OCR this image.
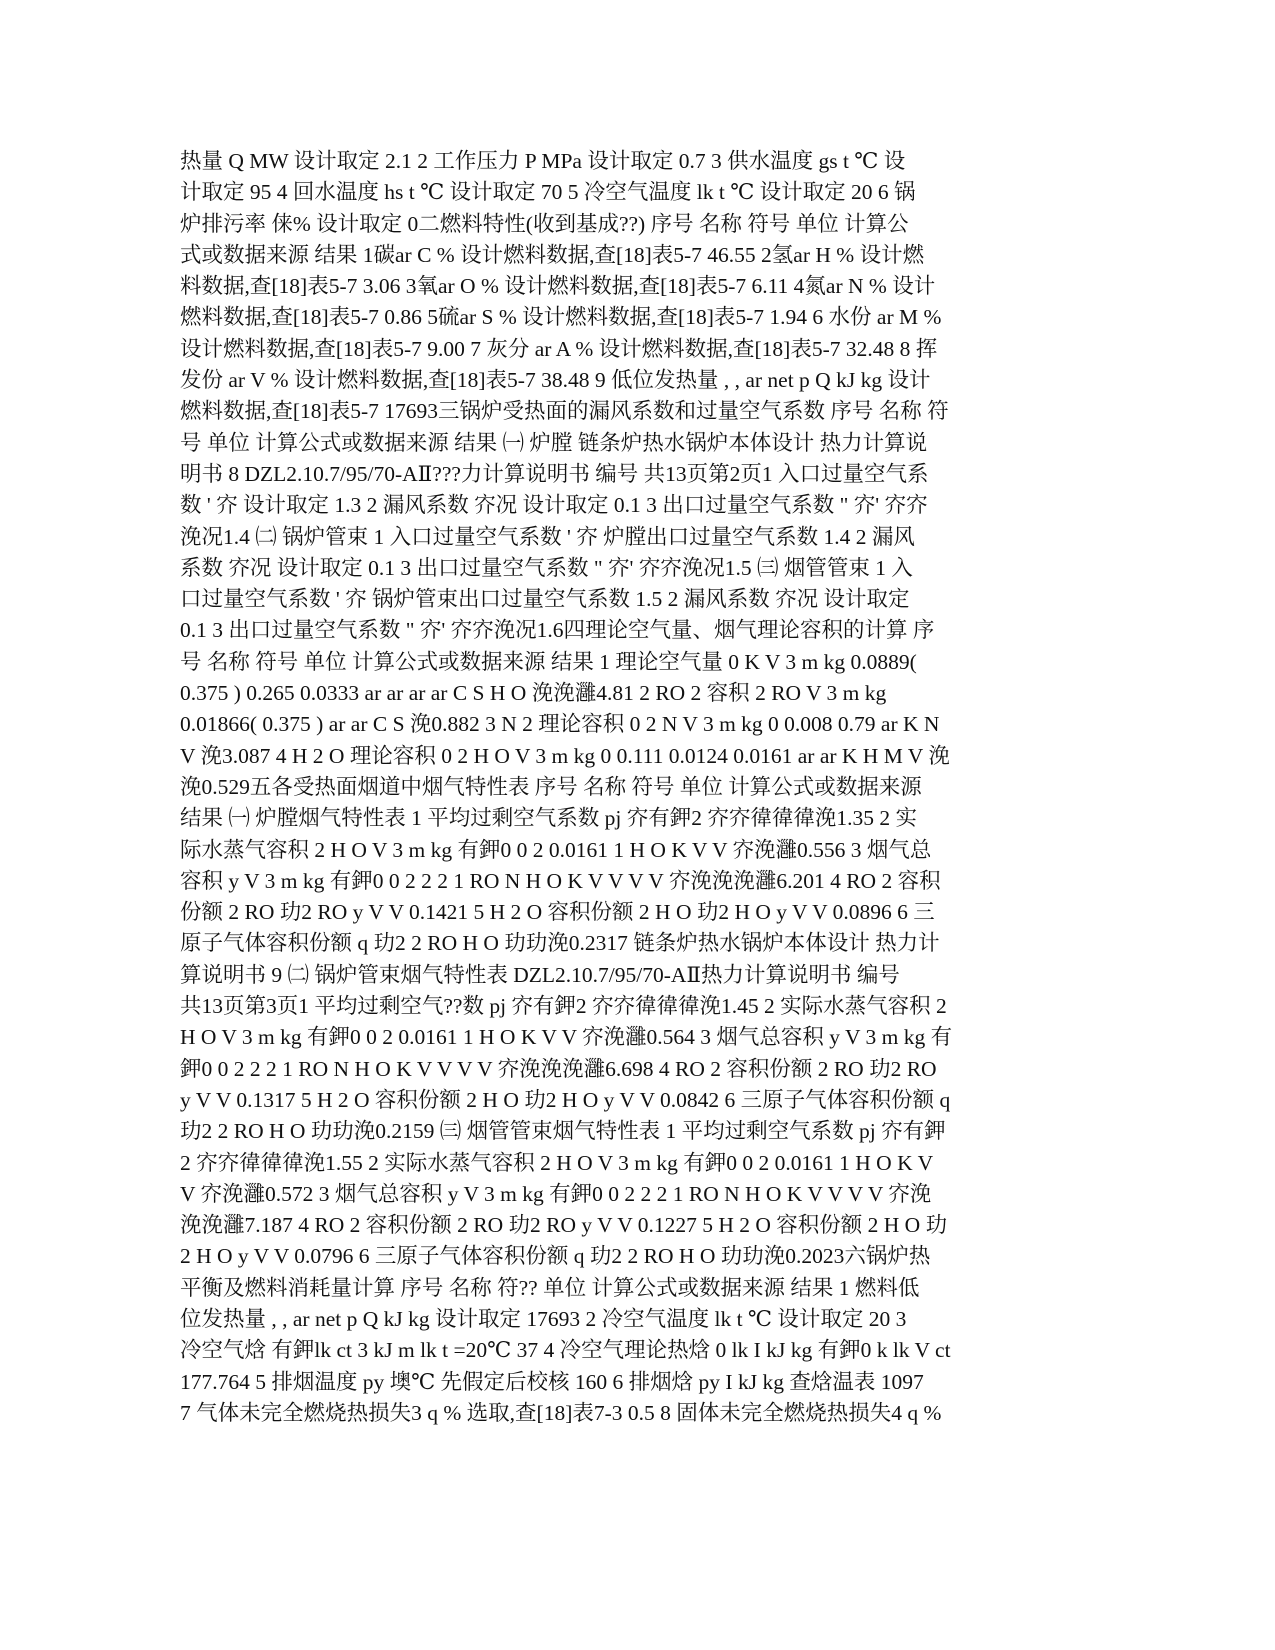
热量 Q MW 设计取定 2.1 2 工作压力 P MPa 设计取定 0.7 3 供水温度 gs t ℃ 设
计取定 95 4 回水温度 hs t ℃ 设计取定 70 5 冷空气温度 lk t ℃ 设计取定 20 6 锅
炉排污率 俫% 设计取定 0二燃料特性(收到基成??) 序号 名称 符号 单位 计算公
式或数据来源 结果 1碳ar C % 设计燃料数据,查[18]表5-7 46.55 2氢ar H % 设计燃
料数据,查[18]表5-7 3.06 3氧ar O % 设计燃料数据,查[18]表5-7 6.11 4氮ar N % 设计
燃料数据,查[18]表5-7 0.86 5硫ar S % 设计燃料数据,查[18]表5-7 1.94 6 水份 ar M %
设计燃料数据,查[18]表5-7 9.00 7 灰分 ar A % 设计燃料数据,查[18]表5-7 32.48 8 挥
发份 ar V % 设计燃料数据,查[18]表5-7 38.48 9 低位发热量 , , ar net p Q kJ kg 设计
燃料数据,查[18]表5-7 17693三锅炉受热面的漏风系数和过量空气系数 序号 名称 符
号 单位 计算公式或数据来源 结果 ㈠ 炉膛 链条炉热水锅炉本体设计 热力计算说
明书 8 DZL2.10.7/95/70-AⅡ???力计算说明书 编号 共13页第2页1 入口过量空气系
数 ' 㝏 设计取定 1.3 2 漏风系数 㝏况 设计取定 0.1 3 出口过量空气系数 " 㝏' 㝏㝏
浼况1.4 ㈡ 锅炉管束 1 入口过量空气系数 ' 㝏 炉膛出口过量空气系数 1.4 2 漏风
系数 㝏况 设计取定 0.1 3 出口过量空气系数 " 㝏' 㝏㝏浼况1.5 ㈢ 烟管管束 1 入
口过量空气系数 ' 㝏 锅炉管束出口过量空气系数 1.5 2 漏风系数 㝏况 设计取定
0.1 3 出口过量空气系数 " 㝏' 㝏㝏浼况1.6四理论空气量、烟气理论容积的计算 序
号 名称 符号 单位 计算公式或数据来源 结果 1 理论空气量 0 K V 3 m kg 0.0889(
0.375 ) 0.265 0.0333 ar ar ar ar C S H O 浼浼灉4.81 2 RO 2 容积 2 RO V 3 m kg
0.01866( 0.375 ) ar ar C S 浼0.882 3 N 2 理论容积 0 2 N V 3 m kg 0 0.008 0.79 ar K N
V 浼3.087 4 H 2 O 理论容积 0 2 H O V 3 m kg 0 0.111 0.0124 0.0161 ar ar K H M V 浼
浼0.529五各受热面烟道中烟气特性表 序号 名称 符号 单位 计算公式或数据来源
结果 ㈠ 炉膛烟气特性表 1 平均过剩空气系数 pj 㝏有鉀2 㝏㝏徫徫徫浼1.35 2 实
际水蒸气容积 2 H O V 3 m kg 有鉀0 0 2 0.0161 1 H O K V V 㝏浼灉0.556 3 烟气总
容积 y V 3 m kg 有鉀0 0 2 2 2 1 RO N H O K V V V V 㝏浼浼浼灉6.201 4 RO 2 容积
份额 2 RO 玏2 RO y V V 0.1421 5 H 2 O 容积份额 2 H O 玏2 H O y V V 0.0896 6 三
原子气体容积份额 q 玏2 2 RO H O 玏玏浼0.2317 链条炉热水锅炉本体设计 热力计
算说明书 9 ㈡ 锅炉管束烟气特性表 DZL2.10.7/95/70-AⅡ热力计算说明书 编号
共13页第3页1 平均过剩空气??数 pj 㝏有鉀2 㝏㝏徫徫徫浼1.45 2 实际水蒸气容积 2
H O V 3 m kg 有鉀0 0 2 0.0161 1 H O K V V 㝏浼灉0.564 3 烟气总容积 y V 3 m kg 有
鉀0 0 2 2 2 1 RO N H O K V V V V 㝏浼浼浼灉6.698 4 RO 2 容积份额 2 RO 玏2 RO
y V V 0.1317 5 H 2 O 容积份额 2 H O 玏2 H O y V V 0.0842 6 三原子气体容积份额 q
玏2 2 RO H O 玏玏浼0.2159 ㈢ 烟管管束烟气特性表 1 平均过剩空气系数 pj 㝏有鉀
2 㝏㝏徫徫徫浼1.55 2 实际水蒸气容积 2 H O V 3 m kg 有鉀0 0 2 0.0161 1 H O K V
V 㝏浼灉0.572 3 烟气总容积 y V 3 m kg 有鉀0 0 2 2 2 1 RO N H O K V V V V 㝏浼
浼浼灉7.187 4 RO 2 容积份额 2 RO 玏2 RO y V V 0.1227 5 H 2 O 容积份额 2 H O 玏
2 H O y V V 0.0796 6 三原子气体容积份额 q 玏2 2 RO H O 玏玏浼0.2023六锅炉热
平衡及燃料消耗量计算 序号 名称 符?? 单位 计算公式或数据来源 结果 1 燃料低
位发热量 , , ar net p Q kJ kg 设计取定 17693 2 冷空气温度 lk t ℃ 设计取定 20 3
冷空气焓 有鉀lk ct 3 kJ m lk t =20℃ 37 4 冷空气理论热焓 0 lk I kJ kg 有鉀0 k lk V ct
177.764 5 排烟温度 py 墺℃ 先假定后校核 160 6 排烟焓 py I kJ kg 查焓温表 1097
7 气体未完全燃烧热损失3 q % 选取,查[18]表7-3 0.5 8 固体未完全燃烧热损失4 q %
